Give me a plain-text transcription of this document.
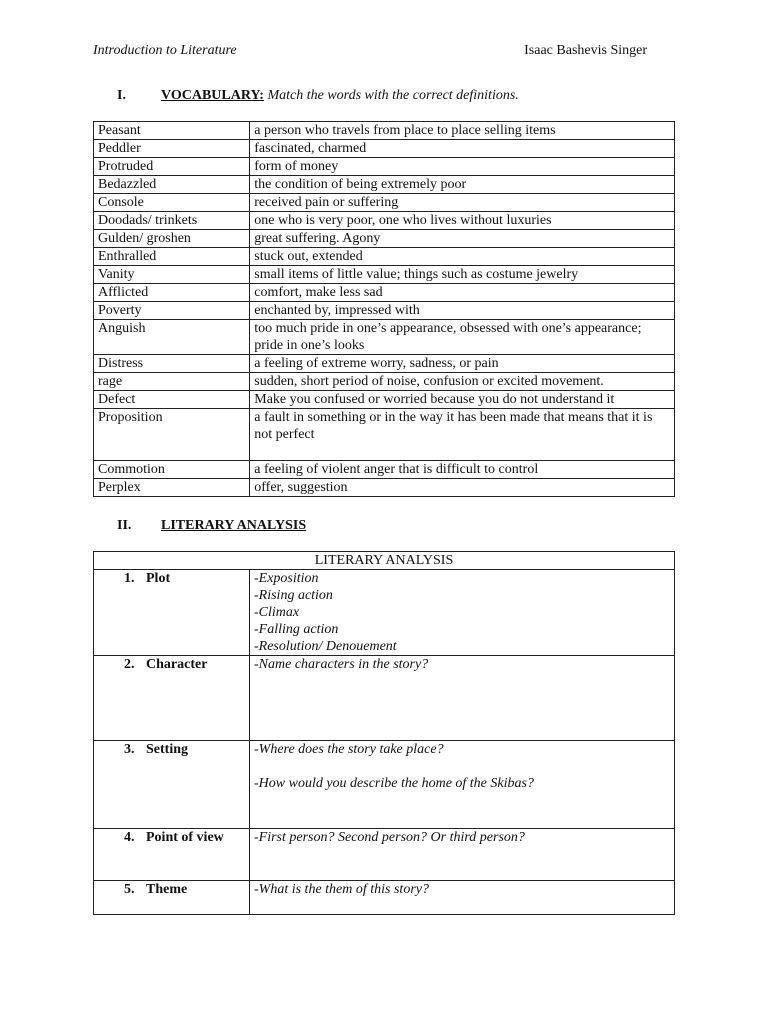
Introduction to Literature	Isaac Bashevis Singer
I.	VOCABULARY: Match the words with the correct definitions.
Peasant	a person who travels from place to place selling items
Peddler	fascinated, charmed
Protruded	form of money
Bedazzled	the condition of being extremely poor
Console	received pain or suffering
Doodads/ trinkets	one who is very poor, one who lives without luxuries
Gulden/ groshen	great suffering. Agony
Enthralled	stuck out, extended
Vanity	small items of little value; things such as costume jewelry
Afflicted	comfort, make less sad
Poverty	enchanted by, impressed with
Anguish	too much pride in one’s appearance, obsessed with one’s appearance; pride in one’s looks
Distress	a feeling of extreme worry, sadness, or pain
rage	sudden, short period of noise, confusion or excited movement.
Defect	Make you confused or worried because you do not understand it
Proposition	a fault in something or in the way it has been made that means that it is not perfect
Commotion	a feeling of violent anger that is difficult to control
Perplex	offer, suggestion
II. LITERARY ANALYSIS
LITERARY ANALYSIS	
1. Plot	-Exposition
-Rising action
-Climax
-Falling action
-Resolution/ Denouement

2. Character	-Name characters in the story?

3. Setting	-Where does the story take place?
-How would you describe the home of the Skibas?

4. Point of view	-First person? Second person? Or third person?

5. Theme	-What is the them of this story?
